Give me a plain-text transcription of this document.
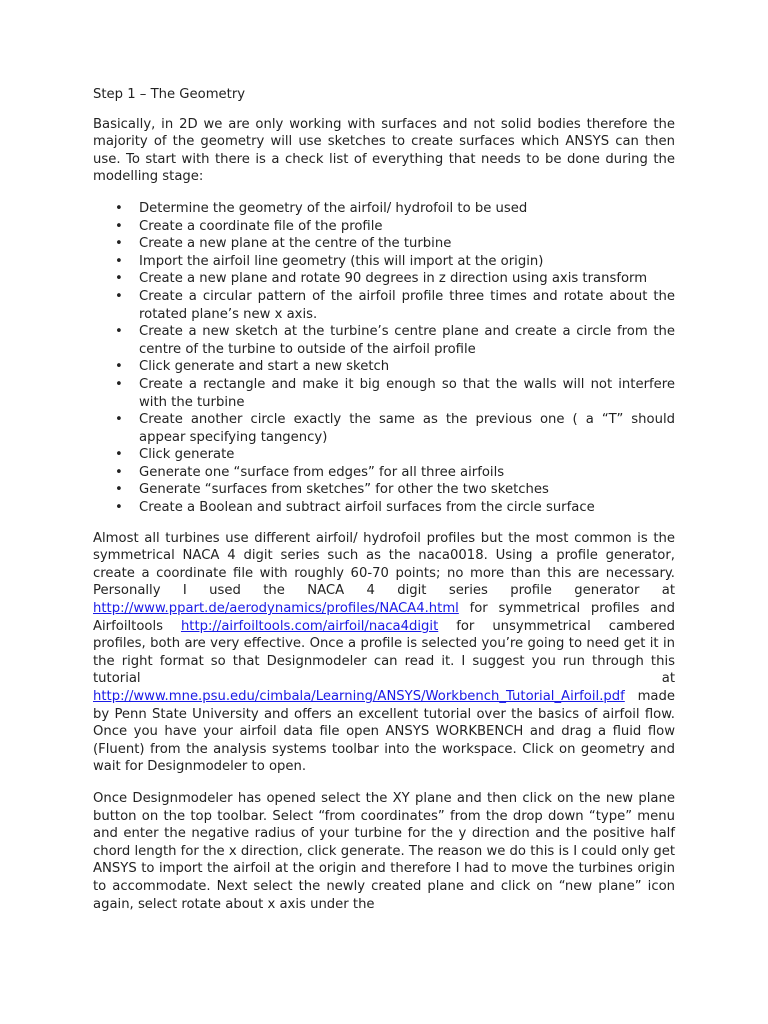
Step 1 – The Geometry

Basically, in 2D we are only working with surfaces and not solid bodies therefore the majority of the geometry will use sketches to create surfaces which ANSYS can then use. To start with there is a check list of everything that needs to be done during the modelling stage:

• Determine the geometry of the airfoil/ hydrofoil to be used
• Create a coordinate file of the profile
• Create a new plane at the centre of the turbine
• Import the airfoil line geometry (this will import at the origin)
• Create a new plane and rotate 90 degrees in z direction using axis transform
• Create a circular pattern of the airfoil profile three times and rotate about the rotated plane’s new x axis.
• Create a new sketch at the turbine’s centre plane and create a circle from the centre of the turbine to outside of the airfoil profile
• Click generate and start a new sketch
• Create a rectangle and make it big enough so that the walls will not interfere with the turbine
• Create another circle exactly the same as the previous one ( a “T” should appear specifying tangency)
• Click generate
• Generate one “surface from edges” for all three airfoils
• Generate “surfaces from sketches” for other the two sketches
• Create a Boolean and subtract airfoil surfaces from the circle surface

Almost all turbines use different airfoil/ hydrofoil profiles but the most common is the symmetrical NACA 4 digit series such as the naca0018. Using a profile generator, create a coordinate file with roughly 60-70 points; no more than this are necessary. Personally I used the NACA 4 digit series profile generator at http://www.ppart.de/aerodynamics/profiles/NACA4.html for symmetrical profiles and Airfoiltools http://airfoiltools.com/airfoil/naca4digit for unsymmetrical cambered profiles, both are very effective. Once a profile is selected you’re going to need get it in the right format so that Designmodeler can read it. I suggest you run through this tutorial at http://www.mne.psu.edu/cimbala/Learning/ANSYS/Workbench_Tutorial_Airfoil.pdf made by Penn State University and offers an excellent tutorial over the basics of airfoil flow. Once you have your airfoil data file open ANSYS WORKBENCH and drag a fluid flow (Fluent) from the analysis systems toolbar into the workspace. Click on geometry and wait for Designmodeler to open.

Once Designmodeler has opened select the XY plane and then click on the new plane button on the top toolbar. Select “from coordinates” from the drop down “type” menu and enter the negative radius of your turbine for the y direction and the positive half chord length for the x direction, click generate. The reason we do this is I could only get ANSYS to import the airfoil at the origin and therefore I had to move the turbines origin to accommodate. Next select the newly created plane and click on “new plane” icon again, select rotate about x axis under the
